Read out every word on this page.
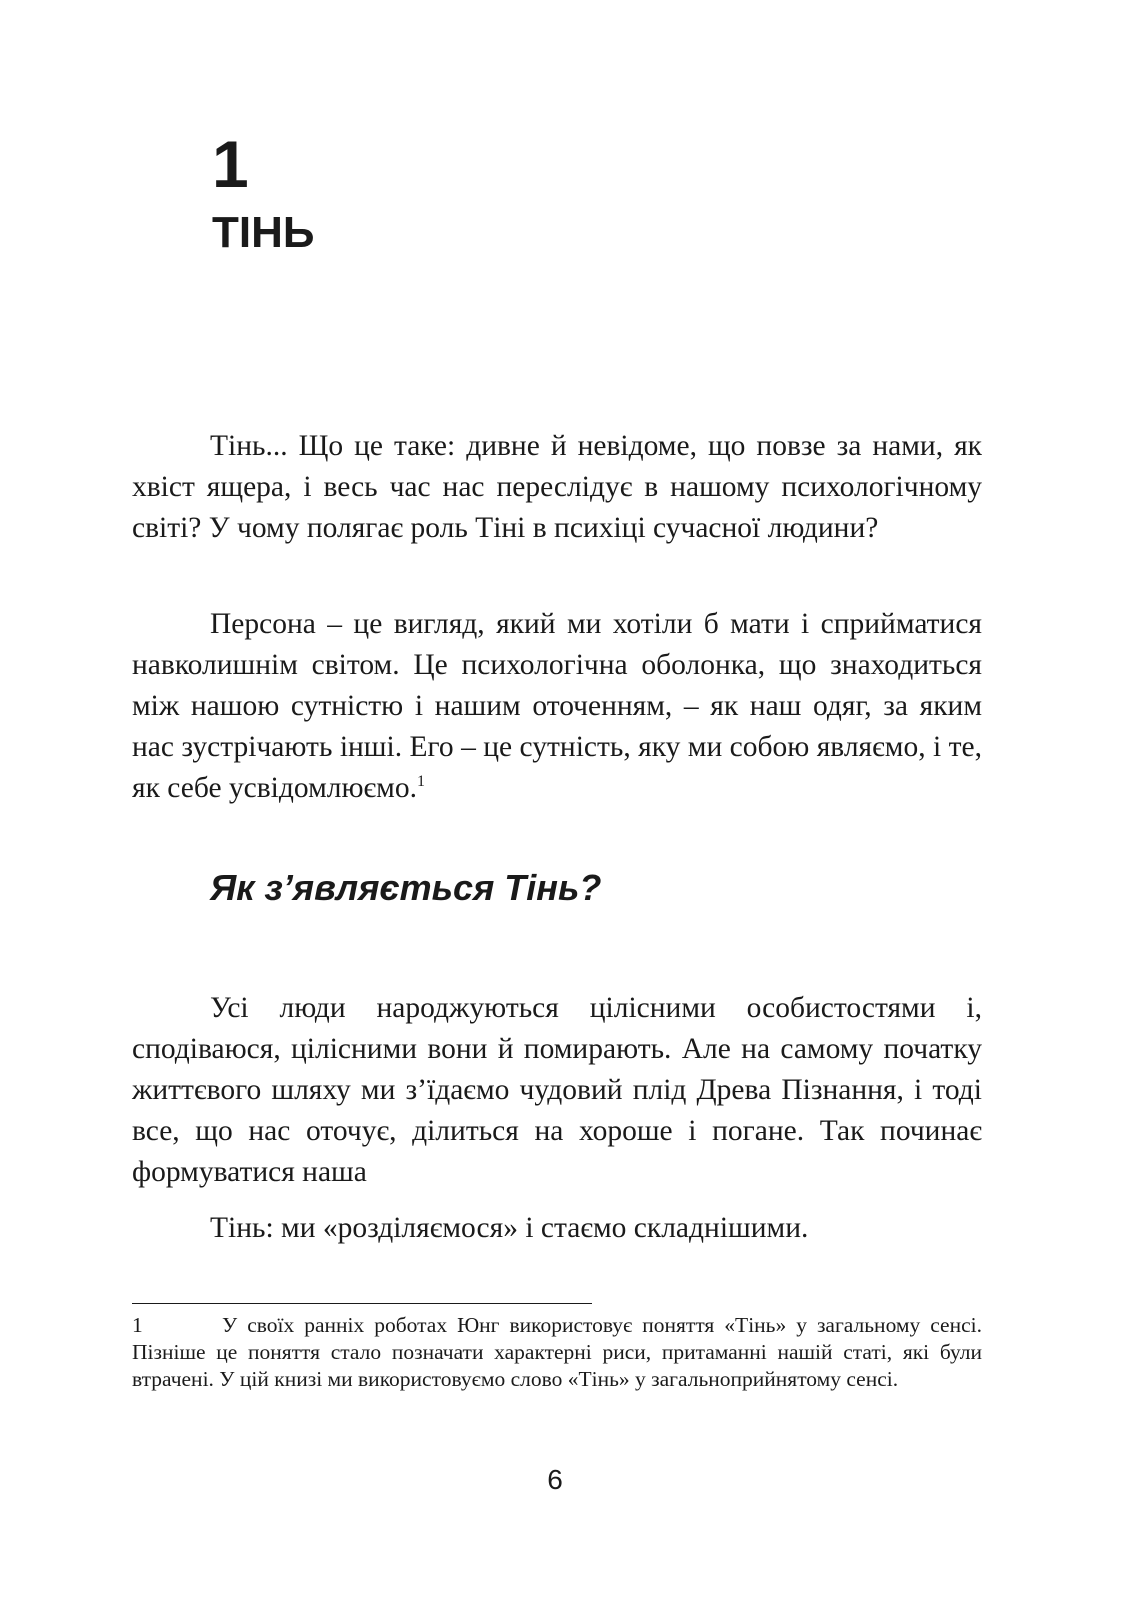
1
ТІНЬ

Тінь... Що це таке: дивне й невідоме, що повзе за нами, як хвіст ящера, і весь час нас переслідує в нашому психологічному світі? У чому полягає роль Тіні в психіці сучасної людини?

Персона – це вигляд, який ми хотіли б мати і сприйматися навколишнім світом. Це психологічна оболонка, що знаходиться між нашою сутністю і нашим оточенням, – як наш одяг, за яким нас зустрічають інші. Его – це сутність, яку ми собою являємо, і те, як себе усвідомлюємо.$^1$

Як з’являється Тінь?

Усі люди народжуються цілісними особистостями і, сподіваюся, цілісними вони й помирають. Але на самому початку життєвого шляху ми з’їдаємо чудовий плід Древа Пізнання, і тоді все, що нас оточує, ділиться на хороше і погане. Так починає формуватися наша

Тінь: ми «розділяємося» і стаємо складнішими.

1	У своїх ранніх роботах Юнг використовує поняття «Тінь» у загальному сенсі. Пізніше це поняття стало позначати характерні риси, притаманні нашій статі, які були втрачені. У цій книзі ми використовуємо слово «Тінь» у загальноприйнятому сенсі.

6
